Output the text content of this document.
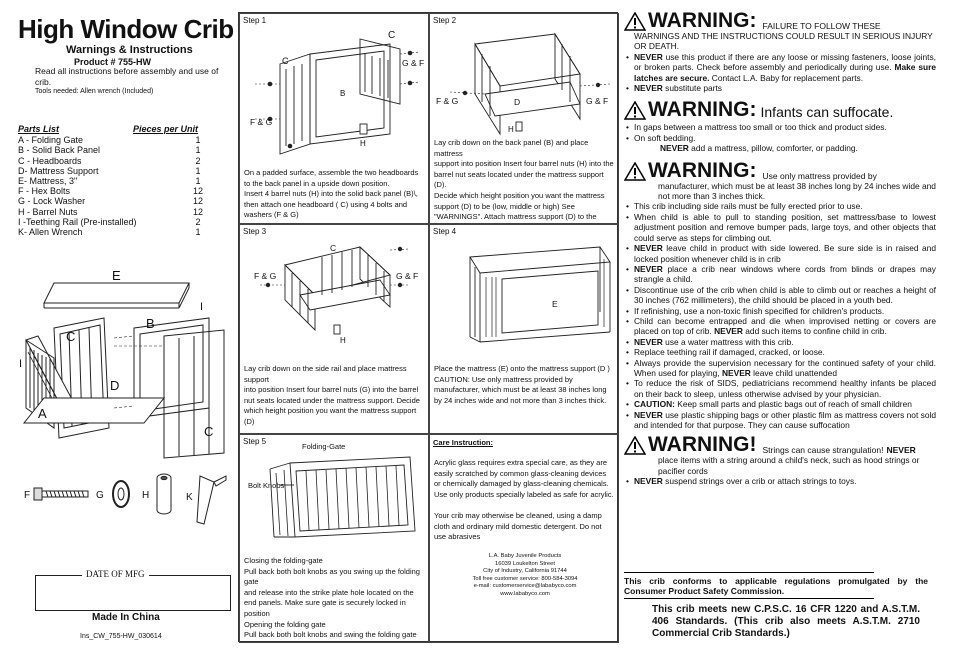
High Window Crib
Warnings & Instructions
Product # 755-HW
Read all instructions before assembly and use of crib.
Tools needed: Allen wrench (Included)
Parts List	Pieces per Unit
A - Folding Gate	1
B - Solid Back Panel	1
C - Headboards	2
D- Mattress Support	1
E- Mattress, 3"	1
F - Hex Bolts	12
G - Lock Washer	12
H - Barrel Nuts	12
I -Teething Rail (Pre-installed)	2
K- Allen Wrench	1
E
I
B
C
I
D
A
C
F	G	H	K
DATE OF MFG
Made In China
Ins_CW_755-HW_030614
Step 1
C
C	G & F
B
F & G
H
On a padded surface, assemble the two headboards
to the back panel in a upside down position.
Insert 4 barrel nuts (H) into the solid back panel (B)\,
then attach one headboard ( C) using 4 bolts and
washers (F & G)
Step 2
F & G	G & F
D
H
Lay crib down on the back panel (B) and place mattress
support into position Insert four barrel nuts (H) into the
barrel nut seats located under the mattress support (D).
Decide which height position you want the mattress
support (D) to be (low, middle or high) See
"WARNINGS". Attach mattress support (D) to the
Step 3
C
F & G	G & F
H
Lay crib down on the side rail and place mattress
support
into position Insert four barrel nuts (G) into the barrel
nut seats located under the mattress support. Decide
which height position you want the mattress support
(D)
Step 4
E
Place the mattress (E) onto the mattress support (D )
CAUTION: Use only mattress provided by
manufacturer, which must be at least 38 inches long
by 24 inches wide and not more than 3 inches thick.
Step 5
Folding-Gate
Bolt Knobs
Closing the folding-gate
Pull back both bolt knobs as you swing up the folding
gate
and release into the strike plate hole located on the
end panels. Make sure gate is securely locked in
position
Opening the folding gate
Pull back both bolt knobs and swing the folding gate
Care Instruction:
Acrylic glass requires extra special care, as they are
easily scratched by common glass-cleaning devices
or chemically damaged by glass-cleaning chemicals.
Use only products specially labeled as safe for acrylic.
Your crib may otherwise be cleaned, using a damp
cloth and ordinary mild domestic detergent. Do not
use abrasives
L.A. Baby Juvenile Products
16039 Loukelton Street
City of Industry, California 91744
Toll free customer service: 800-584-3094
e-mail: customerservice@lababyco.com
www.lababyco.com
WARNING: FAILURE TO FOLLOW THESE
WARNINGS AND THE INSTRUCTIONS COULD RESULT IN SERIOUS INJURY OR DEATH.
• NEVER use this product if there are any loose or missing fasteners, loose joints, or broken parts. Check before assembly and periodically during use. Make sure latches are secure. Contact L.A. Baby for replacement parts.
• NEVER substitute parts
WARNING: Infants can suffocate.
• In gaps between a mattress too small or too thick and product sides.
• On soft bedding.
NEVER add a mattress, pillow, comforter, or padding.
WARNING: Use only mattress provided by
manufacturer, which must be at least 38 inches long by 24 inches wide and not more than 3 inches thick.
• This crib including side rails must be fully erected prior to use.
• When child is able to pull to standing position, set mattress/base to lowest adjustment position and remove bumper pads, large toys, and other objects that could serve as steps for climbing out.
• NEVER leave child in product with side lowered. Be sure side is in raised and locked position whenever child is in crib
• NEVER place a crib near windows where cords from blinds or drapes may strangle a child.
• Discontinue use of the crib when child is able to climb out or reaches a height of 30 inches (762 millimeters), the child should be placed in a youth bed.
• If refinishing, use a non-toxic finish specified for children's products.
• Child can become entrapped and die when improvised netting or covers are placed on top of crib. NEVER add such items to confine child in crib.
• NEVER use a water mattress with this crib.
• Replace teething rail if damaged, cracked, or loose.
• Always provide the supervision necessary for the continued safety of your child. When used for playing, NEVER leave child unattended
• To reduce the risk of SIDS, pediatricians recommend healthy infants be placed on their back to sleep, unless otherwise advised by your physician.
• CAUTION: Keep small parts and plastic bags out of reach of small children
• NEVER use plastic shipping bags or other plastic film as mattress covers not sold and intended for that purpose. They can cause suffocation
WARNING! Strings can cause strangulation! NEVER
place items with a string around a child's neck, such as hood strings or pacifier cords
• NEVER suspend strings over a crib or attach strings to toys.
This crib conforms to applicable regulations promulgated by the Consumer Product Safety Commission.
This crib meets new C.P.S.C. 16 CFR 1220 and A.S.T.M. 406 Standards. (This crib also meets A.S.T.M. 2710 Commercial Crib Standards.)
